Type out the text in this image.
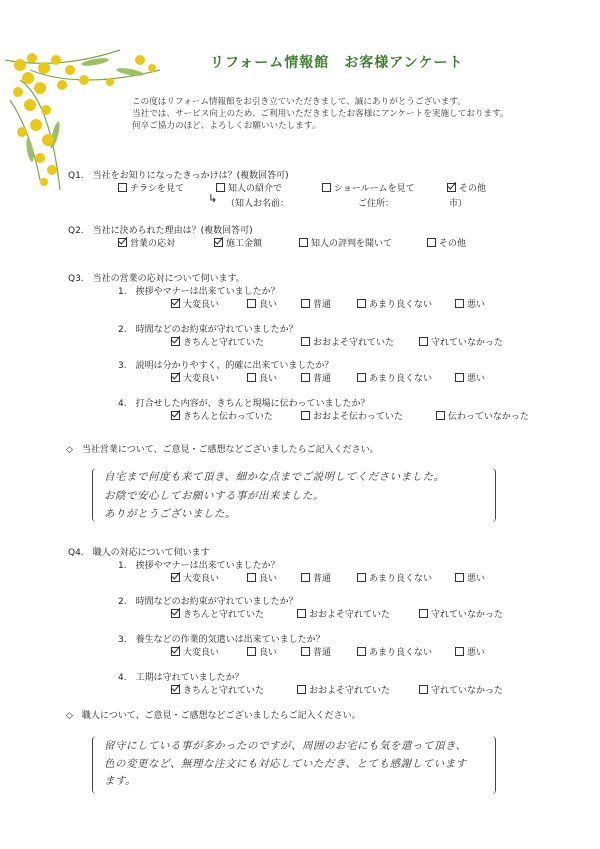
リフォーム情報館　お客様アンケート
この度はリフォーム情報館をお引き立ていただきまして、誠にありがとうございます。
当社では、サービス向上のため、ご利用いただきましたお客様にアンケートを実施しております。
何卒ご協力のほど、よろしくお願いいたします。
Q1.　当社をお知りになったきっかけは？(複数回答可)
チラシを見て	知人の紹介で	ショールームを見て	その他
↳ （知人お名前：	ご住所：	市）
Q2.　当社に決められた理由は？(複数回答可)
営業の応対	施工金額	知人の評判を聞いて	その他
Q3.　当社の営業の応対について伺います。
1.　挨拶やマナーは出来ていましたか？
大変良い	良い	普通	あまり良くない	悪い
2.　時間などのお約束が守れていましたか？
きちんと守れていた	おおよそ守れていた	守れていなかった
3.　説明は分かりやすく、的確に出来ていましたか？
大変良い	良い	普通	あまり良くない	悪い
4.　打合せした内容が、きちんと現場に伝わっていましたか？
きちんと伝わっていた	おおよそ伝わっていた	伝わっていなかった
◇　当社営業について、ご意見・ご感想などございましたらご記入ください。
自宅まで何度も来て頂き、細かな点までご説明してくださいました。
お陰で安心してお願いする事が出来ました。
ありがとうございました。
Q4.　職人の対応について伺います
1.　挨拶やマナーは出来ていましたか？
大変良い	良い	普通	あまり良くない	悪い
2.　時間などのお約束が守れていましたか？
きちんと守れていた	おおよそ守れていた	守れていなかった
3.　養生などの作業的気遣いは出来ていましたか？
大変良い	良い	普通	あまり良くない	悪い
4.　工期は守れていましたか？
きちんと守れていた	おおよそ守れていた	守れていなかった
◇　職人について、ご意見・ご感想などございましたらご記入ください。
留守にしている事が多かったのですが、周囲のお宅にも気を遣って頂き、
色の変更など、無理な注文にも対応していただき、とても感謝しています
ます。
